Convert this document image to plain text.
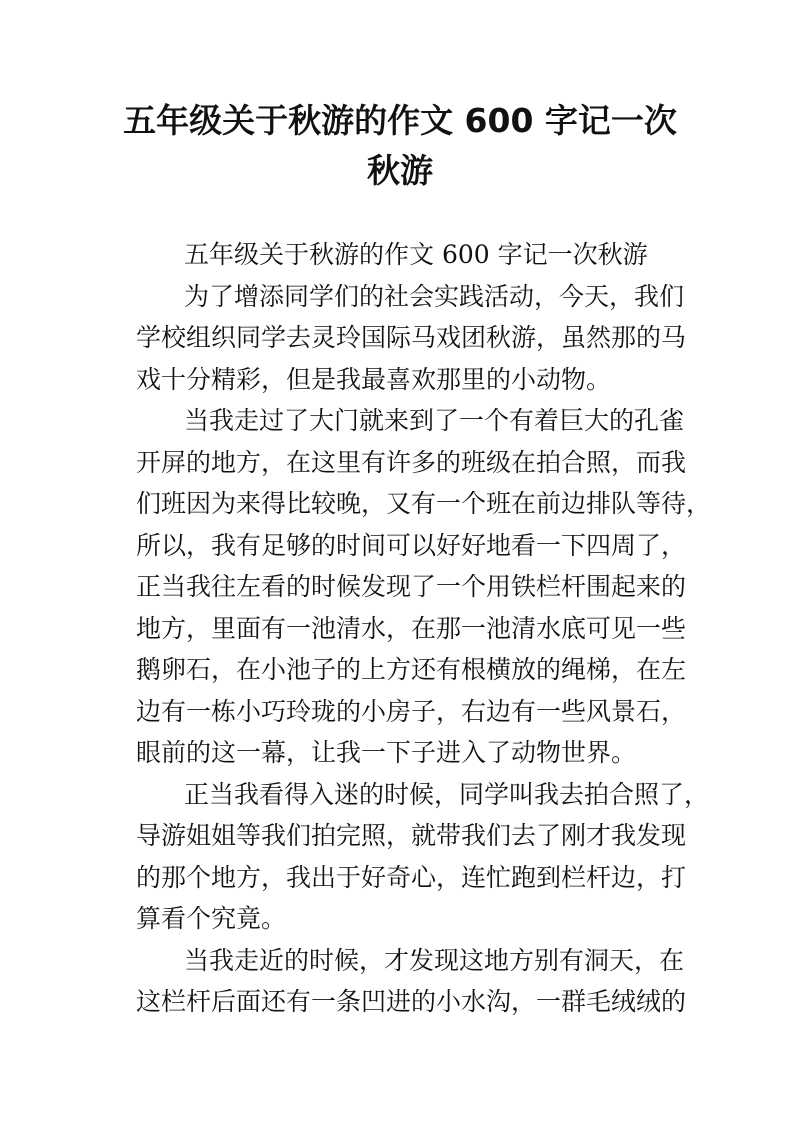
五年级关于秋游的作文 600 字记一次
秋游

五年级关于秋游的作文 600 字记一次秋游

为了增添同学们的社会实践活动，今天，我们
学校组织同学去灵玲国际马戏团秋游，虽然那的马
戏十分精彩，但是我最喜欢那里的小动物。

当我走过了大门就来到了一个有着巨大的孔雀
开屏的地方，在这里有许多的班级在拍合照，而我
们班因为来得比较晚，又有一个班在前边排队等待，
所以，我有足够的时间可以好好地看一下四周了，
正当我往左看的时候发现了一个用铁栏杆围起来的
地方，里面有一池清水，在那一池清水底可见一些
鹅卵石，在小池子的上方还有根横放的绳梯，在左
边有一栋小巧玲珑的小房子，右边有一些风景石，
眼前的这一幕，让我一下子进入了动物世界。

正当我看得入迷的时候，同学叫我去拍合照了，
导游姐姐等我们拍完照，就带我们去了刚才我发现
的那个地方，我出于好奇心，连忙跑到栏杆边，打
算看个究竟。

当我走近的时候，才发现这地方别有洞天，在
这栏杆后面还有一条凹进的小水沟，一群毛绒绒的
